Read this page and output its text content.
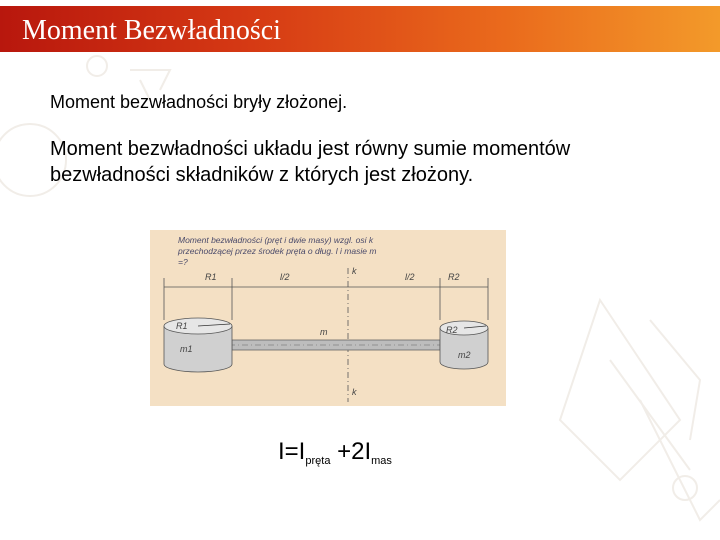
Moment Bezwładności
Moment bezwładności bryły złożonej.
Moment bezwładności układu jest równy sumie momentów bezwładności składników z których jest złożony.
Moment bezwładności (pręt i dwie masy) wzgl. osi k
przechodzącej przez środek pręta o dług. l i masie m
=?
R1	l/2
k
l/2	R2
k
m
R1
m1
R2
m2
$I=I_{pręta} +2I_{mas}$
